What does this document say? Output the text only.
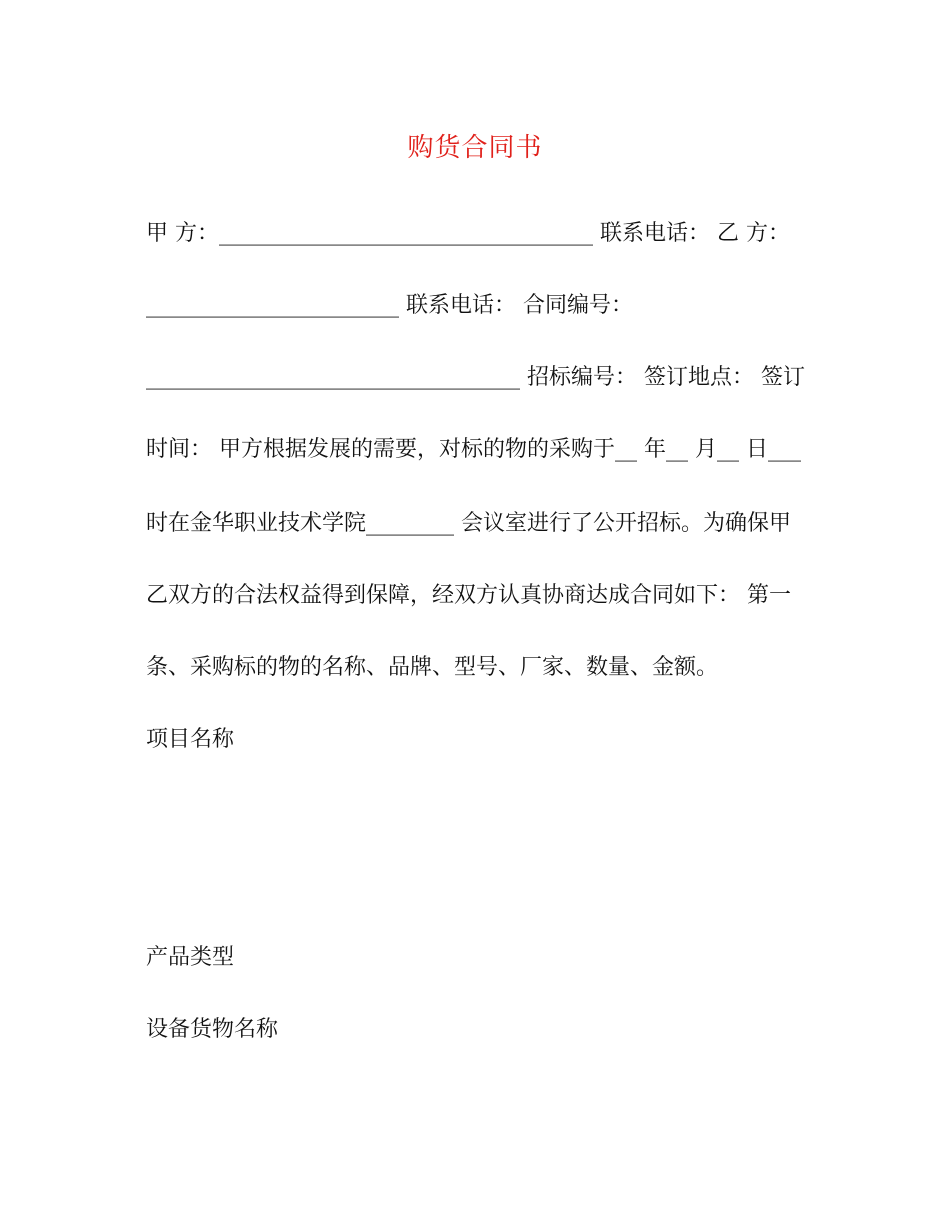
购货合同书
甲 方：__________________________________ 联系电话： 乙 方：
_______________________ 联系电话： 合同编号：
__________________________________ 招标编号： 签订地点： 签订
时间： 甲方根据发展的需要，对标的物的采购于__ 年__ 月__ 日___
时在金华职业技术学院________ 会议室进行了公开招标。为确保甲
乙双方的合法权益得到保障，经双方认真协商达成合同如下： 第一
条、采购标的物的名称、品牌、型号、厂家、数量、金额。
项目名称
产品类型
设备货物名称
